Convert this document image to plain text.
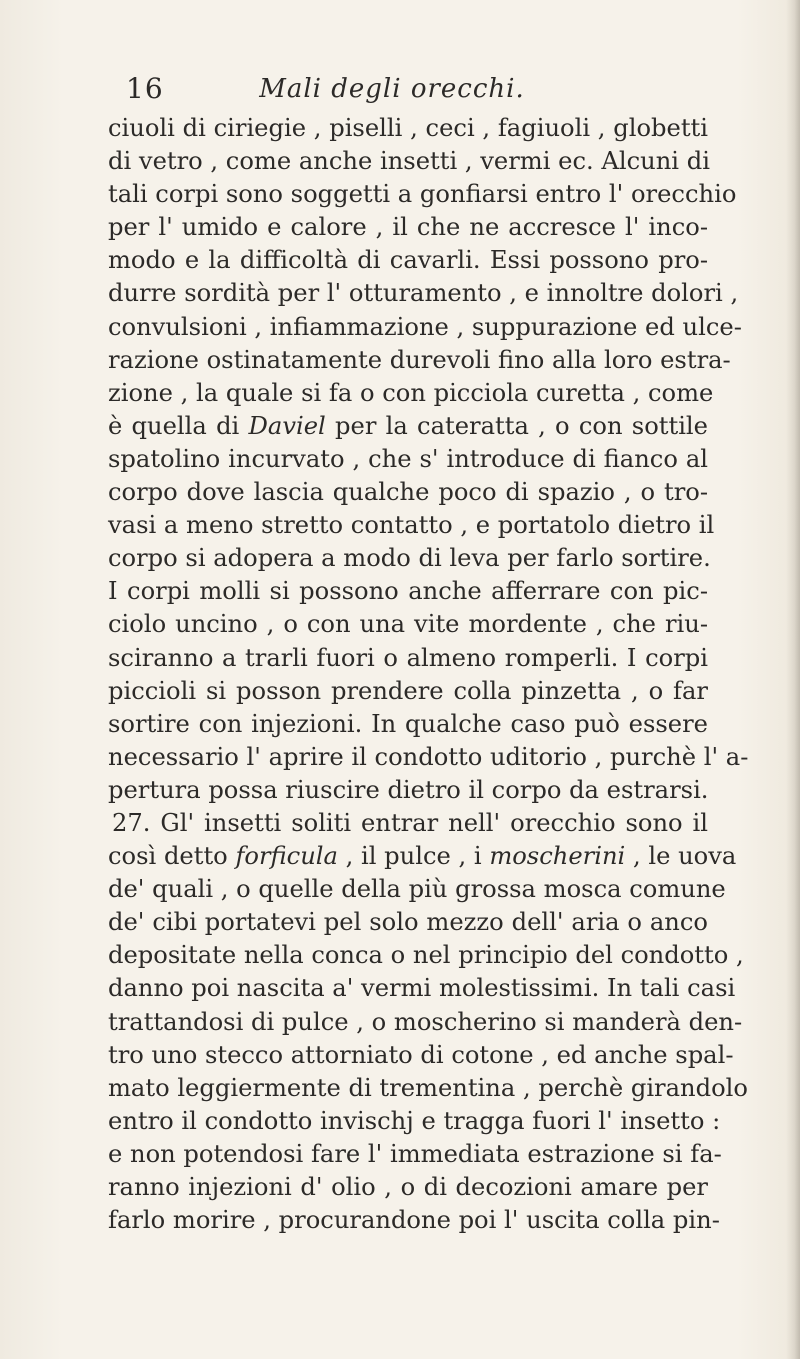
16	Mali degli orecchi.
ciuoli di ciriegie , piselli , ceci , fagiuoli , globetti
di vetro , come anche insetti , vermi ec. Alcuni di
tali corpi sono soggetti a gonfiarsi entro l' orecchio
per l' umido e calore , il che ne accresce l' inco-
modo e la difficoltà di cavarli. Essi possono pro-
durre sordità per l' otturamento , e innoltre dolori ,
convulsioni , infiammazione , suppurazione ed ulce-
razione ostinatamente durevoli fino alla loro estra-
zione , la quale si fa o con picciola curetta , come
è quella di Daviel per la cateratta , o con sottile
spatolino incurvato , che s' introduce di fianco al
corpo dove lascia qualche poco di spazio , o tro-
vasi a meno stretto contatto , e portatolo dietro il
corpo si adopera a modo di leva per farlo sortire.
I corpi molli si possono anche afferrare con pic-
ciolo uncino , o con una vite mordente , che riu-
sciranno a trarli fuori o almeno romperli. I corpi
piccioli si posson prendere colla pinzetta , o far
sortire con injezioni. In qualche caso può essere
necessario l' aprire il condotto uditorio , purchè l' a-
pertura possa riuscire dietro il corpo da estrarsi.
27. Gl' insetti soliti entrar nell' orecchio sono il
così detto forficula , il pulce , i moscherini , le uova
de' quali , o quelle della più grossa mosca comune
de' cibi portatevi pel solo mezzo dell' aria o anco
depositate nella conca o nel principio del condotto ,
danno poi nascita a' vermi molestissimi. In tali casi
trattandosi di pulce , o moscherino si manderà den-
tro uno stecco attorniato di cotone , ed anche spal-
mato leggiermente di trementina , perchè girandolo
entro il condotto invischj e tragga fuori l' insetto :
e non potendosi fare l' immediata estrazione si fa-
ranno injezioni d' olio , o di decozioni amare per
farlo morire , procurandone poi l' uscita colla pin-
